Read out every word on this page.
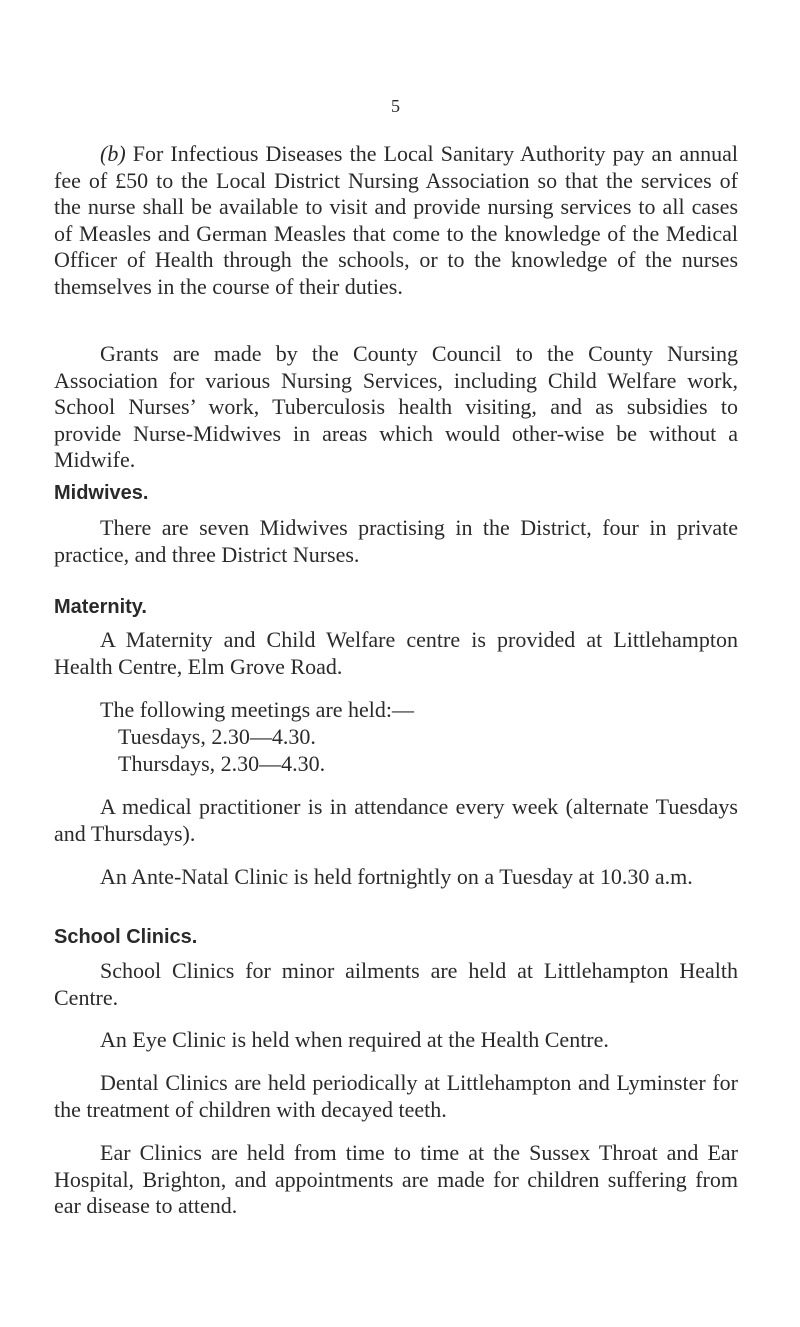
5
(b) For Infectious Diseases the Local Sanitary Authority pay an annual fee of £50 to the Local District Nursing Association so that the services of the nurse shall be available to visit and provide nursing services to all cases of Measles and German Measles that come to the knowledge of the Medical Officer of Health through the schools, or to the knowledge of the nurses themselves in the course of their duties.
Grants are made by the County Council to the County Nursing Association for various Nursing Services, including Child Welfare work, School Nurses’ work, Tuberculosis health visiting, and as subsidies to provide Nurse-Midwives in areas which would other-wise be without a Midwife.
Midwives.
There are seven Midwives practising in the District, four in private practice, and three District Nurses.
Maternity.
A Maternity and Child Welfare centre is provided at Littlehampton Health Centre, Elm Grove Road.
The following meetings are held:—
Tuesdays, 2.30—4.30.
Thursdays, 2.30—4.30.
A medical practitioner is in attendance every week (alternate Tuesdays and Thursdays).
An Ante-Natal Clinic is held fortnightly on a Tuesday at 10.30 a.m.
School Clinics.
School Clinics for minor ailments are held at Littlehampton Health Centre.
An Eye Clinic is held when required at the Health Centre.
Dental Clinics are held periodically at Littlehampton and Lyminster for the treatment of children with decayed teeth.
Ear Clinics are held from time to time at the Sussex Throat and Ear Hospital, Brighton, and appointments are made for children suffering from ear disease to attend.
